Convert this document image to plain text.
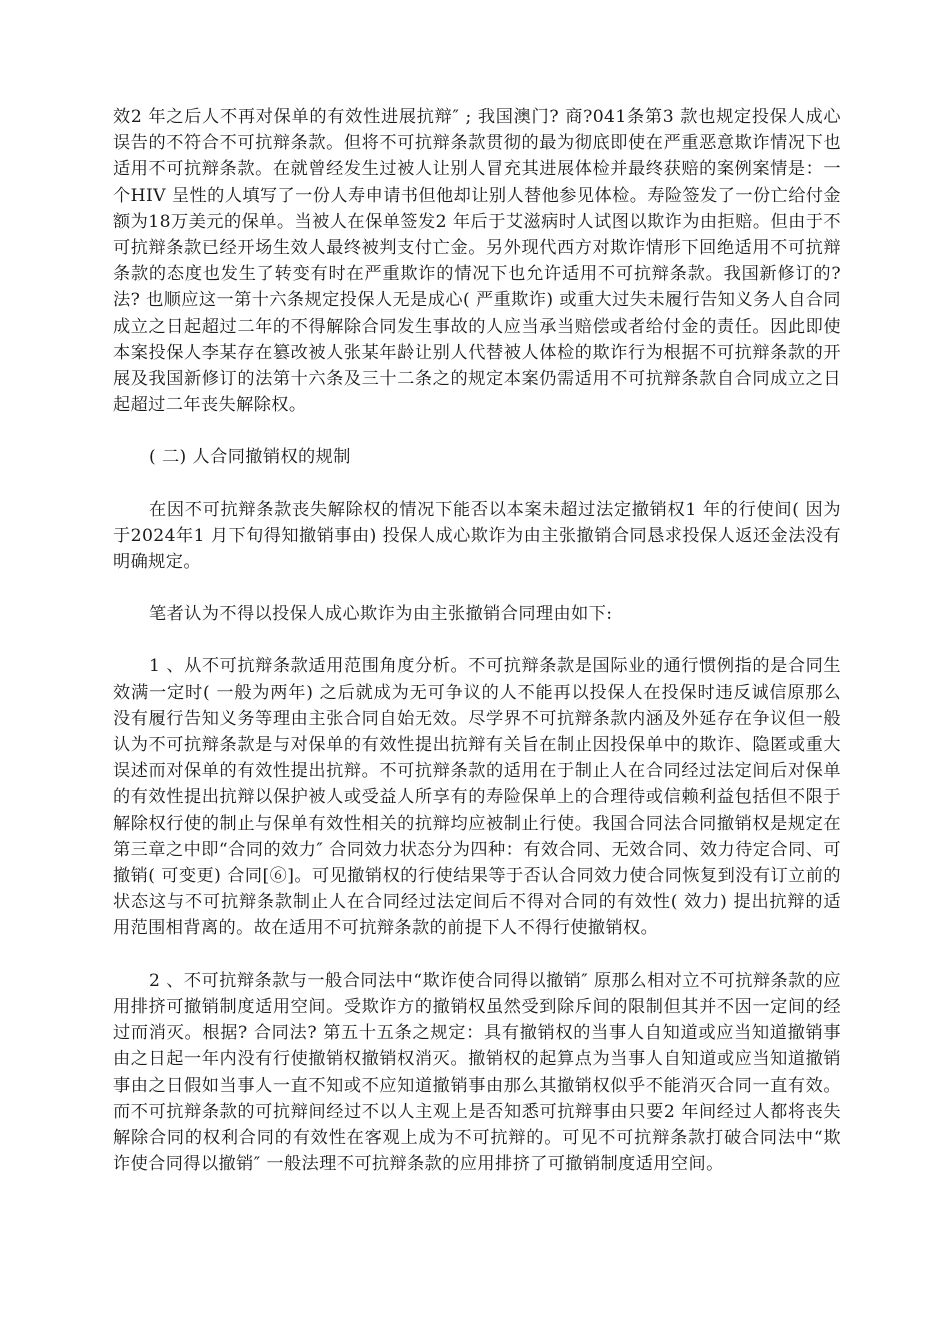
效2 年之后人不再对保单的有效性进展抗辩″ ; 我国澳门? 商?041条第3 款也规定投保人成心误告的不符合不可抗辩条款。但将不可抗辩条款贯彻的最为彻底即使在严重恶意欺诈情况下也适用不可抗辩条款。在就曾经发生过被人让别人冒充其进展体检并最终获赔的案例案情是：一个HIV 呈性的人填写了一份人寿申请书但他却让别人替他参见体检。寿险签发了一份亡给付金额为18万美元的保单。当被人在保单签发2 年后于艾滋病时人试图以欺诈为由拒赔。但由于不可抗辩条款已经开场生效人最终被判支付亡金。另外现代西方对欺诈情形下回绝适用不可抗辩条款的态度也发生了转变有时在严重欺诈的情况下也允许适用不可抗辩条款。我国新修订的? 法? 也顺应这一第十六条规定投保人无是成心( 严重欺诈) 或重大过失未履行告知义务人自合同成立之日起超过二年的不得解除合同发生事故的人应当承当赔偿或者给付金的责任。因此即使本案投保人李某存在篡改被人张某年龄让别人代替被人体检的欺诈行为根据不可抗辩条款的开展及我国新修订的法第十六条及三十二条之的规定本案仍需适用不可抗辩条款自合同成立之日起超过二年丧失解除权。

( 二) 人合同撤销权的规制

在因不可抗辩条款丧失解除权的情况下能否以本案未超过法定撤销权1 年的行使间( 因为于2024年1 月下旬得知撤销事由) 投保人成心欺诈为由主张撤销合同恳求投保人返还金法没有明确规定。

笔者认为不得以投保人成心欺诈为由主张撤销合同理由如下:

1 、从不可抗辩条款适用范围角度分析。不可抗辩条款是国际业的通行惯例指的是合同生效满一定时( 一般为两年) 之后就成为无可争议的人不能再以投保人在投保时违反诚信原那么没有履行告知义务等理由主张合同自始无效。尽学界不可抗辩条款内涵及外延存在争议但一般认为不可抗辩条款是与对保单的有效性提出抗辩有关旨在制止因投保单中的欺诈、隐匿或重大误述而对保单的有效性提出抗辩。不可抗辩条款的适用在于制止人在合同经过法定间后对保单的有效性提出抗辩以保护被人或受益人所享有的寿险保单上的合理待或信赖利益包括但不限于解除权行使的制止与保单有效性相关的抗辩均应被制止行使。我国合同法合同撤销权是规定在第三章之中即“合同的效力″ 合同效力状态分为四种：有效合同、无效合同、效力待定合同、可撤销( 可变更) 合同[⑥]。可见撤销权的行使结果等于否认合同效力使合同恢复到没有订立前的状态这与不可抗辩条款制止人在合同经过法定间后不得对合同的有效性( 效力) 提出抗辩的适用范围相背离的。故在适用不可抗辩条款的前提下人不得行使撤销权。

2 、不可抗辩条款与一般合同法中“欺诈使合同得以撤销″ 原那么相对立不可抗辩条款的应用排挤可撤销制度适用空间。受欺诈方的撤销权虽然受到除斥间的限制但其并不因一定间的经过而消灭。根据? 合同法? 第五十五条之规定：具有撤销权的当事人自知道或应当知道撤销事由之日起一年内没有行使撤销权撤销权消灭。撤销权的起算点为当事人自知道或应当知道撤销事由之日假如当事人一直不知或不应知道撤销事由那么其撤销权似乎不能消灭合同一直有效。而不可抗辩条款的可抗辩间经过不以人主观上是否知悉可抗辩事由只要2 年间经过人都将丧失解除合同的权利合同的有效性在客观上成为不可抗辩的。可见不可抗辩条款打破合同法中“欺诈使合同得以撤销″ 一般法理不可抗辩条款的应用排挤了可撤销制度适用空间。
